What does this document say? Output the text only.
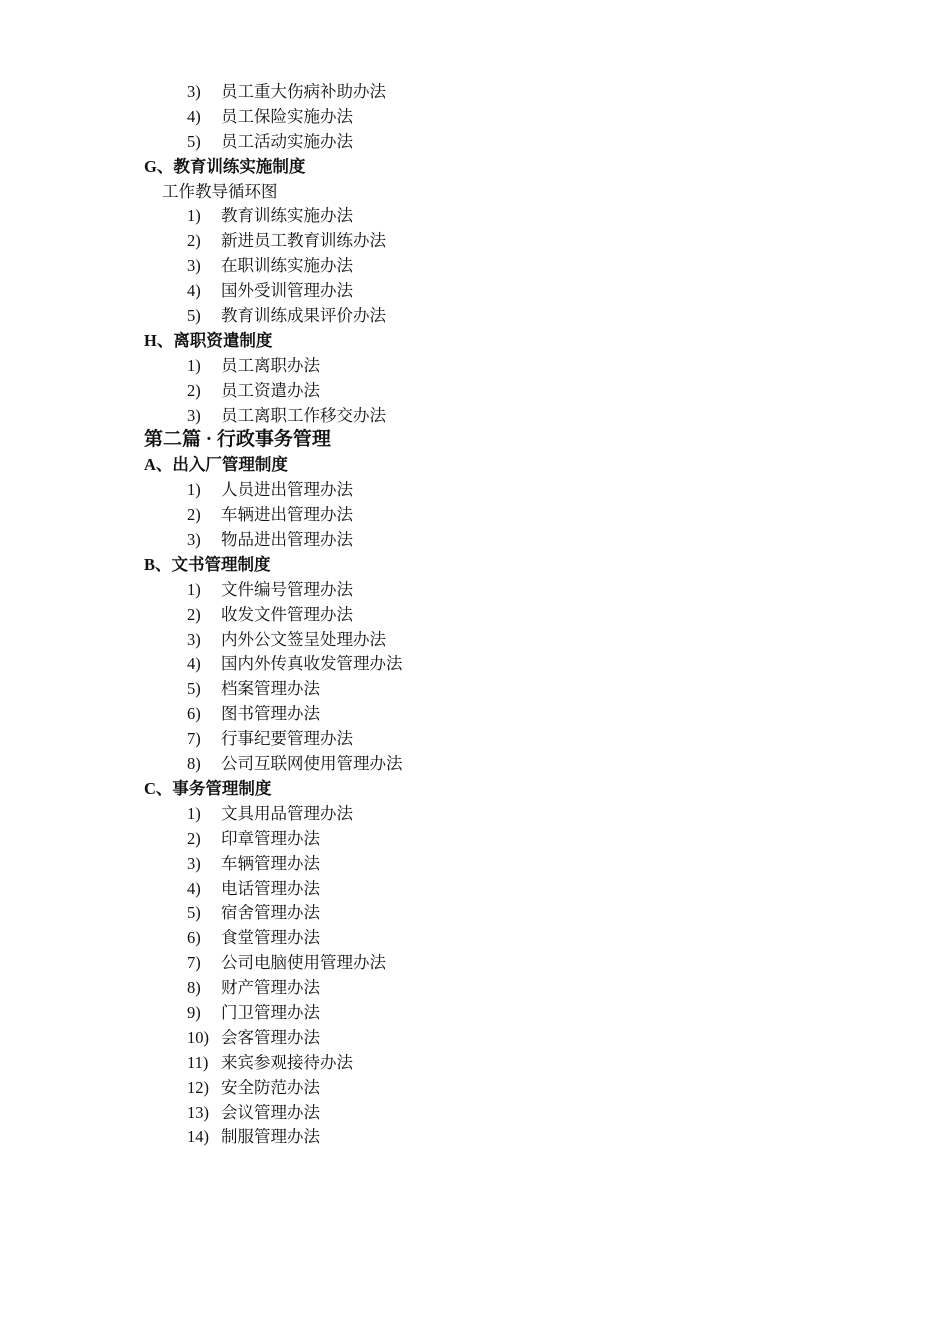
3) 员工重大伤病补助办法
4) 员工保险实施办法
5) 员工活动实施办法
G、教育训练实施制度
工作教导循环图
1) 教育训练实施办法
2) 新进员工教育训练办法
3) 在职训练实施办法
4) 国外受训管理办法
5) 教育训练成果评价办法
H、离职资遣制度
1) 员工离职办法
2) 员工资遣办法
3) 员工离职工作移交办法
第二篇 · 行政事务管理
A、出入厂管理制度
1) 人员进出管理办法
2) 车辆进出管理办法
3) 物品进出管理办法
B、文书管理制度
1) 文件编号管理办法
2) 收发文件管理办法
3) 内外公文签呈处理办法
4) 国内外传真收发管理办法
5) 档案管理办法
6) 图书管理办法
7) 行事纪要管理办法
8) 公司互联网使用管理办法
C、事务管理制度
1) 文具用品管理办法
2) 印章管理办法
3) 车辆管理办法
4) 电话管理办法
5) 宿舍管理办法
6) 食堂管理办法
7) 公司电脑使用管理办法
8) 财产管理办法
9) 门卫管理办法
10) 会客管理办法
11) 来宾参观接待办法
12) 安全防范办法
13) 会议管理办法
14) 制服管理办法
